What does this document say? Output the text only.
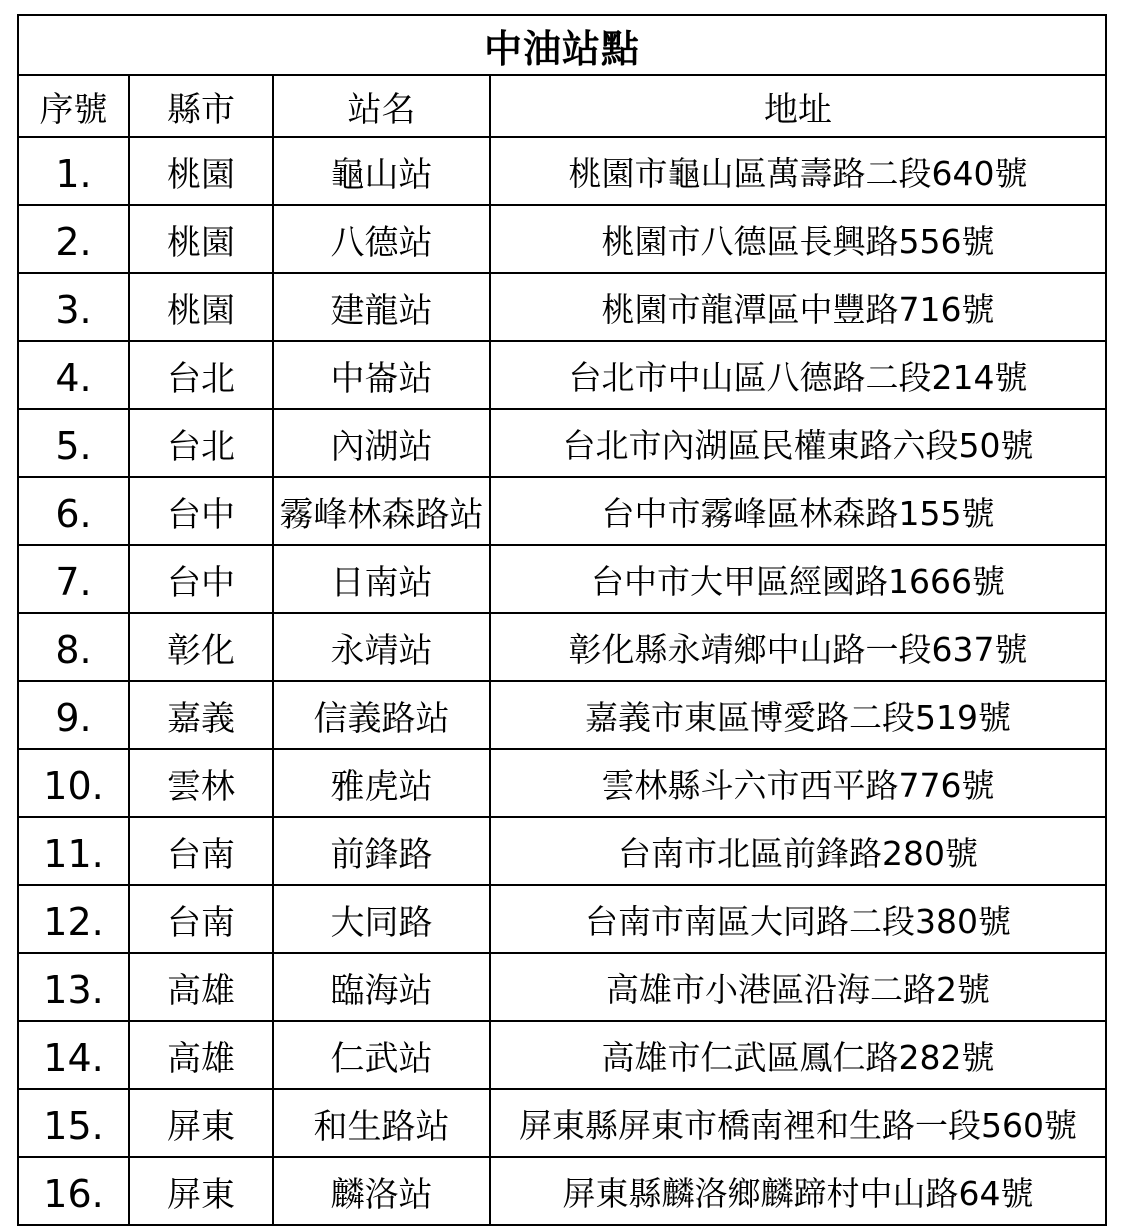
中油站點			
序號	縣市	站名	地址
1.	桃園	龜山站	桃園市龜山區萬壽路二段640號
2.	桃園	八德站	桃園市八德區長興路556號
3.	桃園	建龍站	桃園市龍潭區中豐路716號
4.	台北	中崙站	台北市中山區八德路二段214號
5.	台北	內湖站	台北市內湖區民權東路六段50號
6.	台中	霧峰林森路站	台中市霧峰區林森路155號
7.	台中	日南站	台中市大甲區經國路1666號
8.	彰化	永靖站	彰化縣永靖鄉中山路一段637號
9.	嘉義	信義路站	嘉義市東區博愛路二段519號
10.	雲林	雅虎站	雲林縣斗六市西平路776號
11.	台南	前鋒路	台南市北區前鋒路280號
12.	台南	大同路	台南市南區大同路二段380號
13.	高雄	臨海站	高雄市小港區沿海二路2號
14.	高雄	仁武站	高雄市仁武區鳳仁路282號
15.	屏東	和生路站	屏東縣屏東市橋南裡和生路一段560號
16.	屏東	麟洛站	屏東縣麟洛鄉麟蹄村中山路64號
